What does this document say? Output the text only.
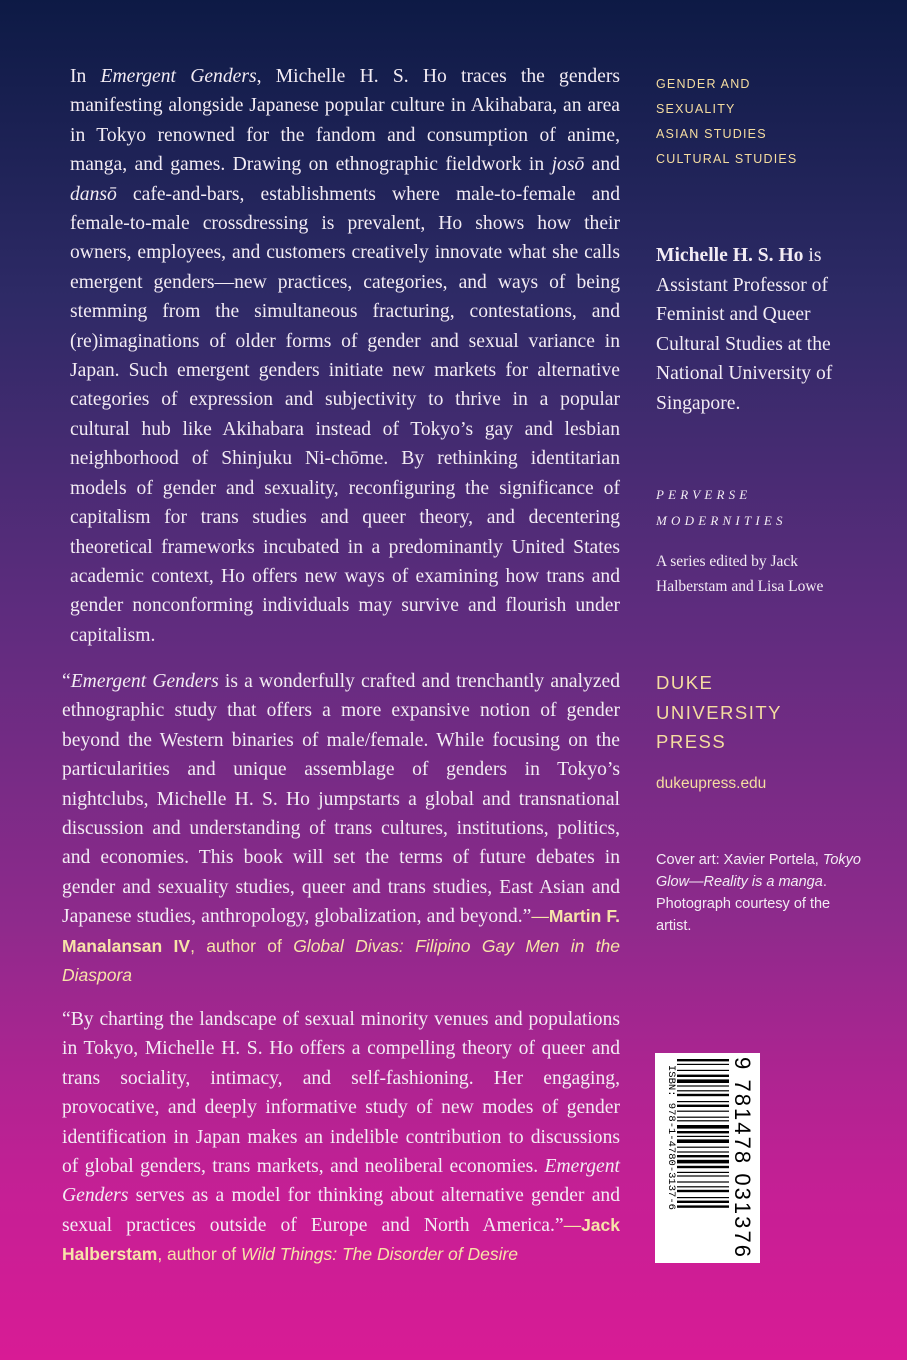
In Emergent Genders, Michelle H. S. Ho traces the genders manifesting alongside Japanese popular culture in Akihabara, an area in Tokyo renowned for the fandom and consumption of anime, manga, and games. Drawing on ethnographic fieldwork in josō and dansō cafe-and-bars, establishments where male-to-female and female-to-male crossdressing is prevalent, Ho shows how their owners, employees, and customers creatively innovate what she calls emergent genders—new practices, categories, and ways of being stemming from the simultaneous fracturing, contestations, and (re)imaginations of older forms of gender and sexual variance in Japan. Such emergent genders initiate new markets for alternative categories of expression and subjectivity to thrive in a popular cultural hub like Akihabara instead of Tokyo’s gay and lesbian neighborhood of Shinjuku Ni-chōme. By rethinking identitarian models of gender and sexuality, reconfiguring the significance of capitalism for trans studies and queer theory, and decentering theoretical frameworks incubated in a predominantly United States academic context, Ho offers new ways of examining how trans and gender nonconforming individuals may survive and flourish under capitalism.

“Emergent Genders is a wonderfully crafted and trenchantly analyzed ethnographic study that offers a more expansive notion of gender beyond the Western binaries of male/female. While focusing on the particularities and unique assemblage of genders in Tokyo’s nightclubs, Michelle H. S. Ho jumpstarts a global and transnational discussion and understanding of trans cultures, institutions, politics, and economies. This book will set the terms of future debates in gender and sexuality studies, queer and trans studies, East Asian and Japanese studies, anthropology, globalization, and beyond.”—Martin F. Manalansan IV, author of Global Divas: Filipino Gay Men in the Diaspora

“By charting the landscape of sexual minority venues and populations in Tokyo, Michelle H. S. Ho offers a compelling theory of queer and trans sociality, intimacy, and self-fashioning. Her engaging, provocative, and deeply informative study of new modes of gender identification in Japan makes an indelible contribution to discussions of global genders, trans markets, and neoliberal economies. Emergent Genders serves as a model for thinking about alternative gender and sexual practices outside of Europe and North America.”—Jack Halberstam, author of Wild Things: The Disorder of Desire

GENDER AND
SEXUALITY
ASIAN STUDIES
CULTURAL STUDIES
Michelle H. S. Ho is Assistant Professor of Feminist and Queer Cultural Studies at the National University of Singapore.
PERVERSE
MODERNITIES
A series edited by Jack Halberstam and Lisa Lowe
DUKE
UNIVERSITY
PRESS
dukeupress.edu
Cover art: Xavier Portela, Tokyo Glow—Reality is a manga. Photograph courtesy of the artist.
ISBN: 978-1-4780-3137-6
9 781478 031376
